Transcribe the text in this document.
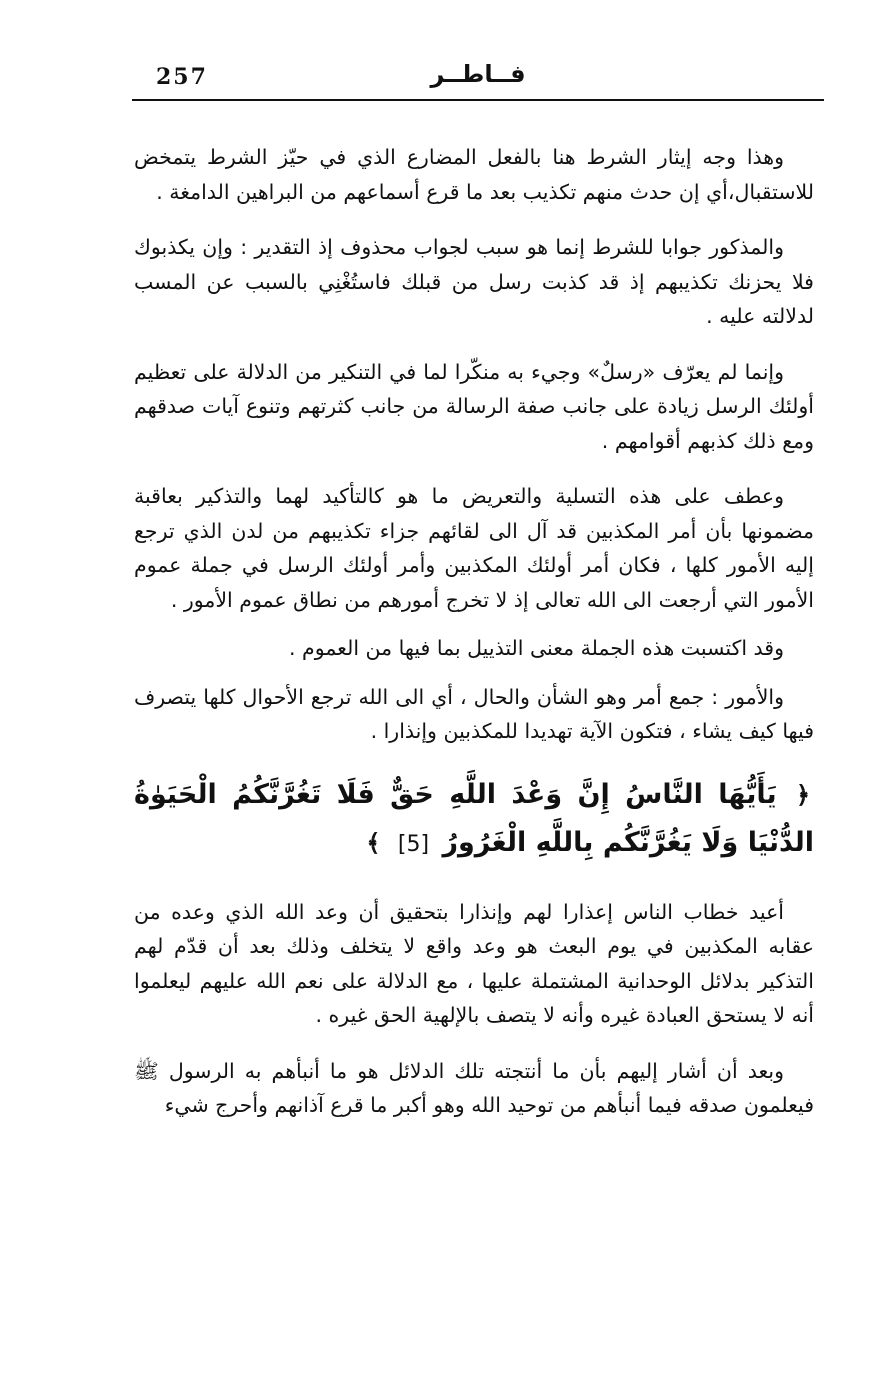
257	فــاطــر

وهذا وجه إيثار الشرط هنا بالفعل المضارع الذي في حيّز الشرط يتمخض للاستقبال،أي إن حدث منهم تكذيب بعد ما قرع أسماعهم من البراهين الدامغة .

والمذكور جوابا للشرط إنما هو سبب لجواب محذوف إذ التقدير : وإن يكذبوك فلا يحزنك تكذيبهم إذ قد كذبت رسل من قبلك فاستُغْنِي بالسبب عن المسب لدلالته عليه .

وإنما لم يعرّف «رسلٌ» وجيء به منكّرا لما في التنكير من الدلالة على تعظيم أولئك الرسل زيادة على جانب صفة الرسالة من جانب كثرتهم وتنوع آيات صدقهم ومع ذلك كذبهم أقوامهم .

وعطف على هذه التسلية والتعريض ما هو كالتأكيد لهما والتذكير بعاقبة مضمونها بأن أمر المكذبين قد آل الى لقائهم جزاء تكذيبهم من لدن الذي ترجع إليه الأمور كلها ، فكان أمر أولئك المكذبين وأمر أولئك الرسل في جملة عموم الأمور التي أرجعت الى الله تعالى إذ لا تخرج أمورهم من نطاق عموم الأمور .

وقد اكتسبت هذه الجملة معنى التذييل بما فيها من العموم .

والأمور : جمع أمر وهو الشأن والحال ، أي الى الله ترجع الأحوال كلها يتصرف فيها كيف يشاء ، فتكون الآية تهديدا للمكذبين وإنذارا .

﴿ يَأَيُّهَا النَّاسُ إِنَّ وَعْدَ اللَّهِ حَقٌّ فَلَا تَغُرَّنَّكُمُ الْحَيَوٰةُ الدُّنْيَا وَلَا يَغُرَّنَّكُم بِاللَّهِ الْغَرُورُ [5] ﴾

أعيد خطاب الناس إعذارا لهم وإنذارا بتحقيق أن وعد الله الذي وعده من عقابه المكذبين في يوم البعث هو وعد واقع لا يتخلف وذلك بعد أن قدّم لهم التذكير بدلائل الوحدانية المشتملة عليها ، مع الدلالة على نعم الله عليهم ليعلموا أنه لا يستحق العبادة غيره وأنه لا يتصف بالإلهية الحق غيره .

وبعد أن أشار إليهم بأن ما أنتجته تلك الدلائل هو ما أنبأهم به الرسول ﷺ فيعلمون صدقه فيما أنبأهم من توحيد الله وهو أكبر ما قرع آذانهم وأحرج شيء
